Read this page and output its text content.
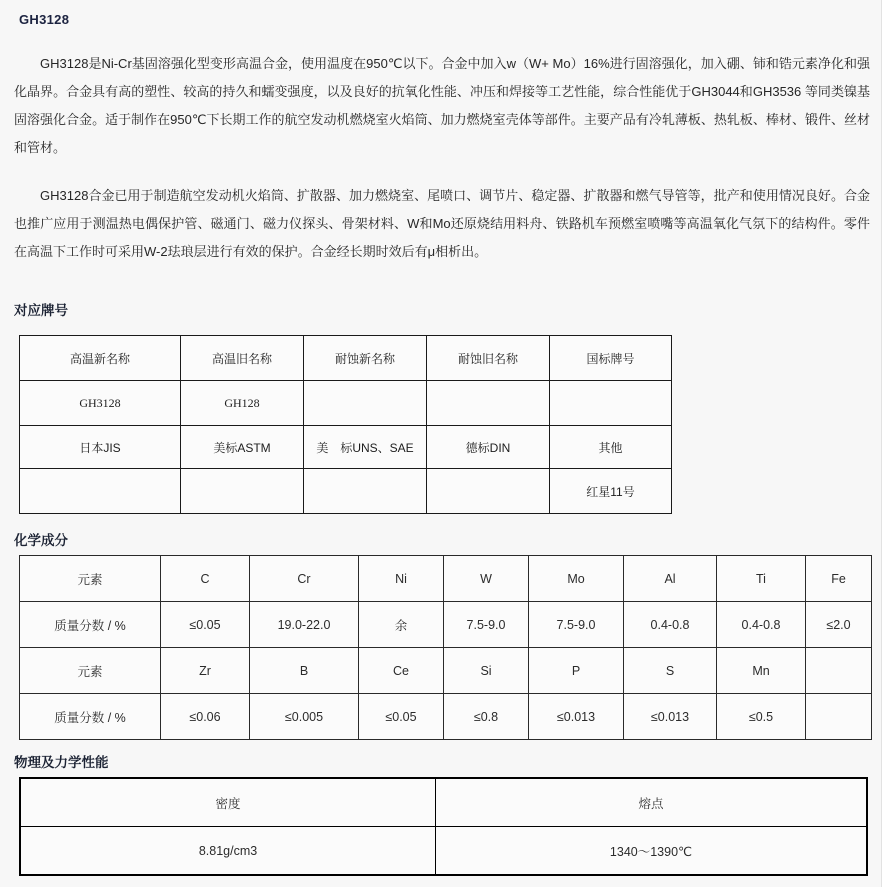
GH3128
GH3128是Ni-Cr基固溶强化型变形高温合金，使用温度在950℃以下。合金中加入w（W+ Mo）16%进行固溶强化，加入硼、铈和锆元素净化和强化晶界。合金具有高的塑性、较高的持久和蠕变强度，以及良好的抗氧化性能、冲压和焊接等工艺性能，综合性能优于GH3044和GH3536 等同类镍基固溶强化合金。适于制作在950℃下长期工作的航空发动机燃烧室火焰筒、加力燃烧室壳体等部件。主要产品有冷轧薄板、热轧板、棒材、锻件、丝材和管材。
GH3128合金已用于制造航空发动机火焰筒、扩散器、加力燃烧室、尾喷口、调节片、稳定器、扩散器和燃气导管等，批产和使用情况良好。合金也推广应用于测温热电偶保护管、磁通门、磁力仪探头、骨架材料、W和Mo还原烧结用料舟、铁路机车预燃室喷嘴等高温氧化气氛下的结构件。零件在高温下工作时可采用W-2珐琅层进行有效的保护。合金经长期时效后有μ相析出。
对应牌号
高温新名称	高温旧名称	耐蚀新名称	耐蚀旧名称	国标牌号
GH3128	GH128			
日本JIS	美标ASTM	美　标UNS、SAE	德标DIN	其他
				红星11号
化学成分
元素	C	Cr	Ni	W	Mo	Al	Ti	Fe
质量分数 / %	≤0.05	19.0-22.0	余	7.5-9.0	7.5-9.0	0.4-0.8	0.4-0.8	≤2.0
元素	Zr	B	Ce	Si	P	S	Mn	
质量分数 / %	≤0.06	≤0.005	≤0.05	≤0.8	≤0.013	≤0.013	≤0.5	
物理及力学性能
密度	熔点
8.81g/cm3	1340～1390℃
